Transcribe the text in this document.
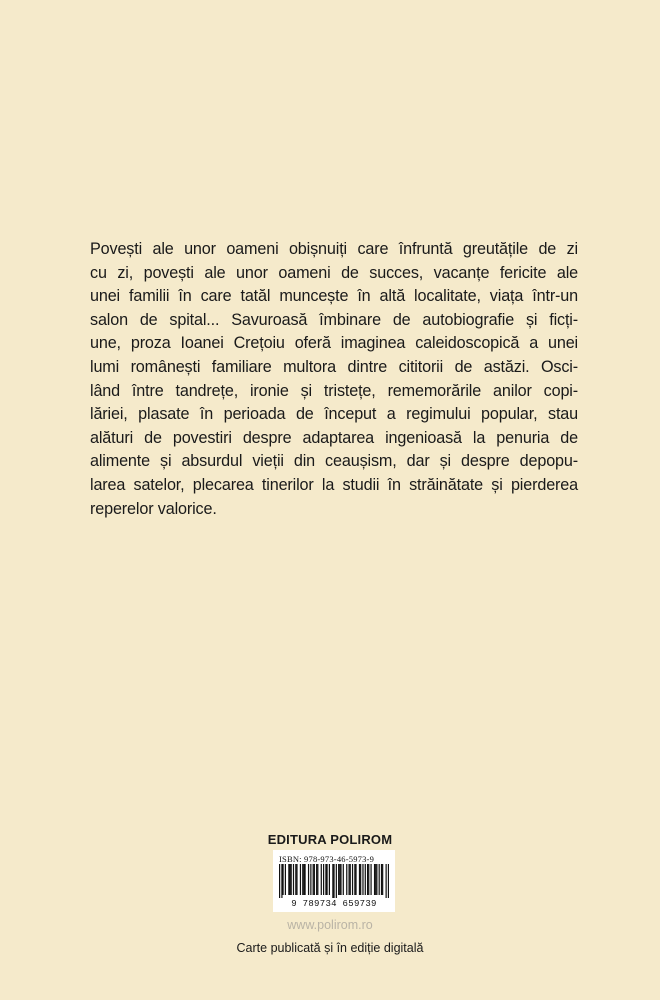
Povești ale unor oameni obișnuiți care înfruntă greutățile de zi
cu zi, povești ale unor oameni de succes, vacanțe fericite ale
unei familii în care tatăl muncește în altă localitate, viața într-un
salon de spital... Savuroasă îmbinare de autobiografie și ficți-
une, proza Ioanei Crețoiu oferă imaginea caleidoscopică a unei
lumi românești familiare multora dintre cititorii de astăzi. Osci-
lând între tandrețe, ironie și tristețe, rememorările anilor copi-
lăriei, plasate în perioada de început a regimului popular, stau
alături de povestiri despre adaptarea ingenioasă la penuria de
alimente și absurdul vieții din ceaușism, dar și despre depopu-
larea satelor, plecarea tinerilor la studii în străinătate și pierderea
reperelor valorice.
EDITURA POLIROM
ISBN: 978-973-46-5973-9
9 789734 659739
www.polirom.ro
Carte publicată și în ediție digitală
